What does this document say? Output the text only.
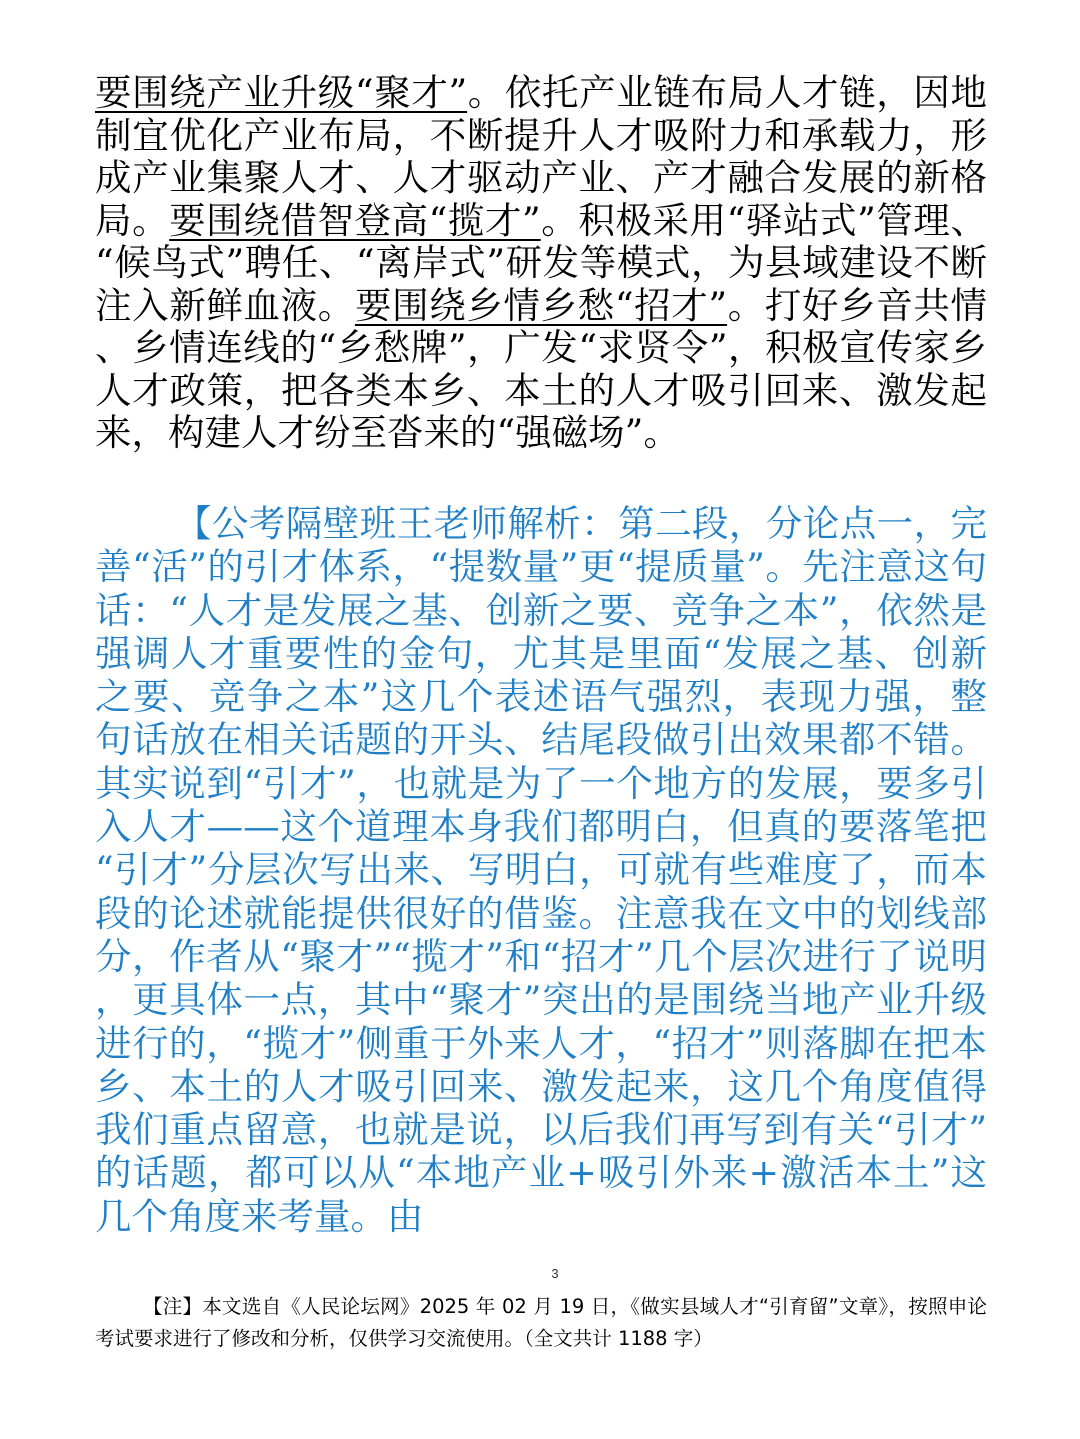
要围绕产业升级“聚才”。依托产业链布局人才链，因地制宜优化产业布局，不断提升人才吸附力和承载力，形成产业集聚人才、人才驱动产业、产才融合发展的新格局。要围绕借智登高“揽才”。积极采用“驿站式”管理、“候鸟式”聘任、“离岸式”研发等模式，为县域建设不断注入新鲜血液。要围绕乡情乡愁“招才”。打好乡音共情、乡情连线的“乡愁牌”，广发“求贤令”，积极宣传家乡人才政策，把各类本乡、本土的人才吸引回来、激发起来，构建人才纷至沓来的“强磁场”。
【公考隔壁班王老师解析：第二段，分论点一，完善“活”的引才体系，“提数量”更“提质量”。先注意这句话：“人才是发展之基、创新之要、竞争之本”，依然是强调人才重要性的金句，尤其是里面“发展之基、创新之要、竞争之本”这几个表述语气强烈，表现力强，整句话放在相关话题的开头、结尾段做引出效果都不错。其实说到“引才”，也就是为了一个地方的发展，要多引入人才——这个道理本身我们都明白，但真的要落笔把“引才”分层次写出来、写明白，可就有些难度了，而本段的论述就能提供很好的借鉴。注意我在文中的划线部分，作者从“聚才”“揽才”和“招才”几个层次进行了说明，更具体一点，其中“聚才”突出的是围绕当地产业升级进行的，“揽才”侧重于外来人才，“招才”则落脚在把本乡、本土的人才吸引回来、激发起来，这几个角度值得我们重点留意，也就是说，以后我们再写到有关“引才”的话题，都可以从“本地产业+吸引外来+激活本土”这几个角度来考量。由
3
【注】本文选自《人民论坛网》2025 年 02 月 19 日，《做实县域人才“引育留”文章》，按照申论考试要求进行了修改和分析，仅供学习交流使用。（全文共计 1188 字）
